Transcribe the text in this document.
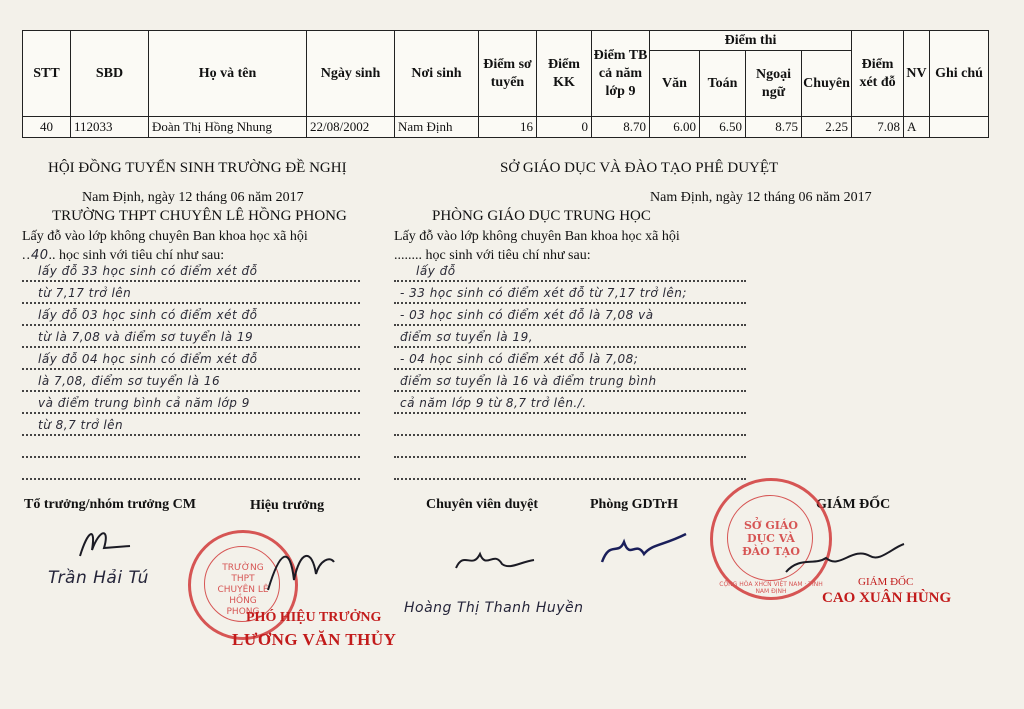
STT	SBD	Họ và tên	Ngày sinh	Nơi sinh	Điểm sơ tuyển	Điểm KK	Điểm TB cả năm lớp 9	Điểm thi				Điểm xét đỗ	NV	Ghi chú
								Văn	Toán	Ngoại ngữ	Chuyên			
40	112033	Đoàn Thị Hồng Nhung	22/08/2002	Nam Định	16	0	8.70	6.00	6.50	8.75	2.25	7.08	A	
HỘI ĐỒNG TUYỂN SINH TRƯỜNG ĐỀ NGHỊ
Nam Định, ngày 12 tháng 06 năm 2017
TRƯỜNG THPT CHUYÊN LÊ HỒNG PHONG
Lấy đỗ vào lớp không chuyên Ban khoa học xã hội
..40.. học sinh với tiêu chí như sau:
lấy đỗ 33 học sinh có điểm xét đỗ
từ 7,17 trở lên
lấy đỗ 03 học sinh có điểm xét đỗ
từ là 7,08 và điểm sơ tuyển là 19
lấy đỗ 04 học sinh có điểm xét đỗ
là 7,08, điểm sơ tuyển là 16
và điểm trung bình cả năm lớp 9
từ 8,7 trở lên
Tổ trưởng/nhóm trưởng CM	Hiệu trưởng
Trần Hải Tú	TRƯỜNG THPT CHUYÊN LÊ HỒNG PHONG
PHÓ HIỆU TRƯỞNG
LƯƠNG VĂN THỦY
SỞ GIÁO DỤC VÀ ĐÀO TẠO PHÊ DUYỆT
Nam Định, ngày 12 tháng 06 năm 2017
PHÒNG GIÁO DỤC TRUNG HỌC
Lấy đỗ vào lớp không chuyên Ban khoa học xã hội
........ học sinh với tiêu chí như sau:
lấy đỗ
- 33 học sinh có điểm xét đỗ từ 7,17 trở lên;
- 03 học sinh có điểm xét đỗ là 7,08 và
điểm sơ tuyển là 19,
- 04 học sinh có điểm xét đỗ là 7,08;
điểm sơ tuyển là 16 và điểm trung bình
cả năm lớp 9 từ 8,7 trở lên./.
Chuyên viên duyệt	Phòng GDTrH	GIÁM ĐỐC
Hoàng Thị Thanh Huyền
SỞ GIÁO DỤC VÀ ĐÀO TẠO
CỘNG HÒA XHCN VIỆT NAM · TỈNH NAM ĐỊNH
GIÁM ĐỐC
CAO XUÂN HÙNG
